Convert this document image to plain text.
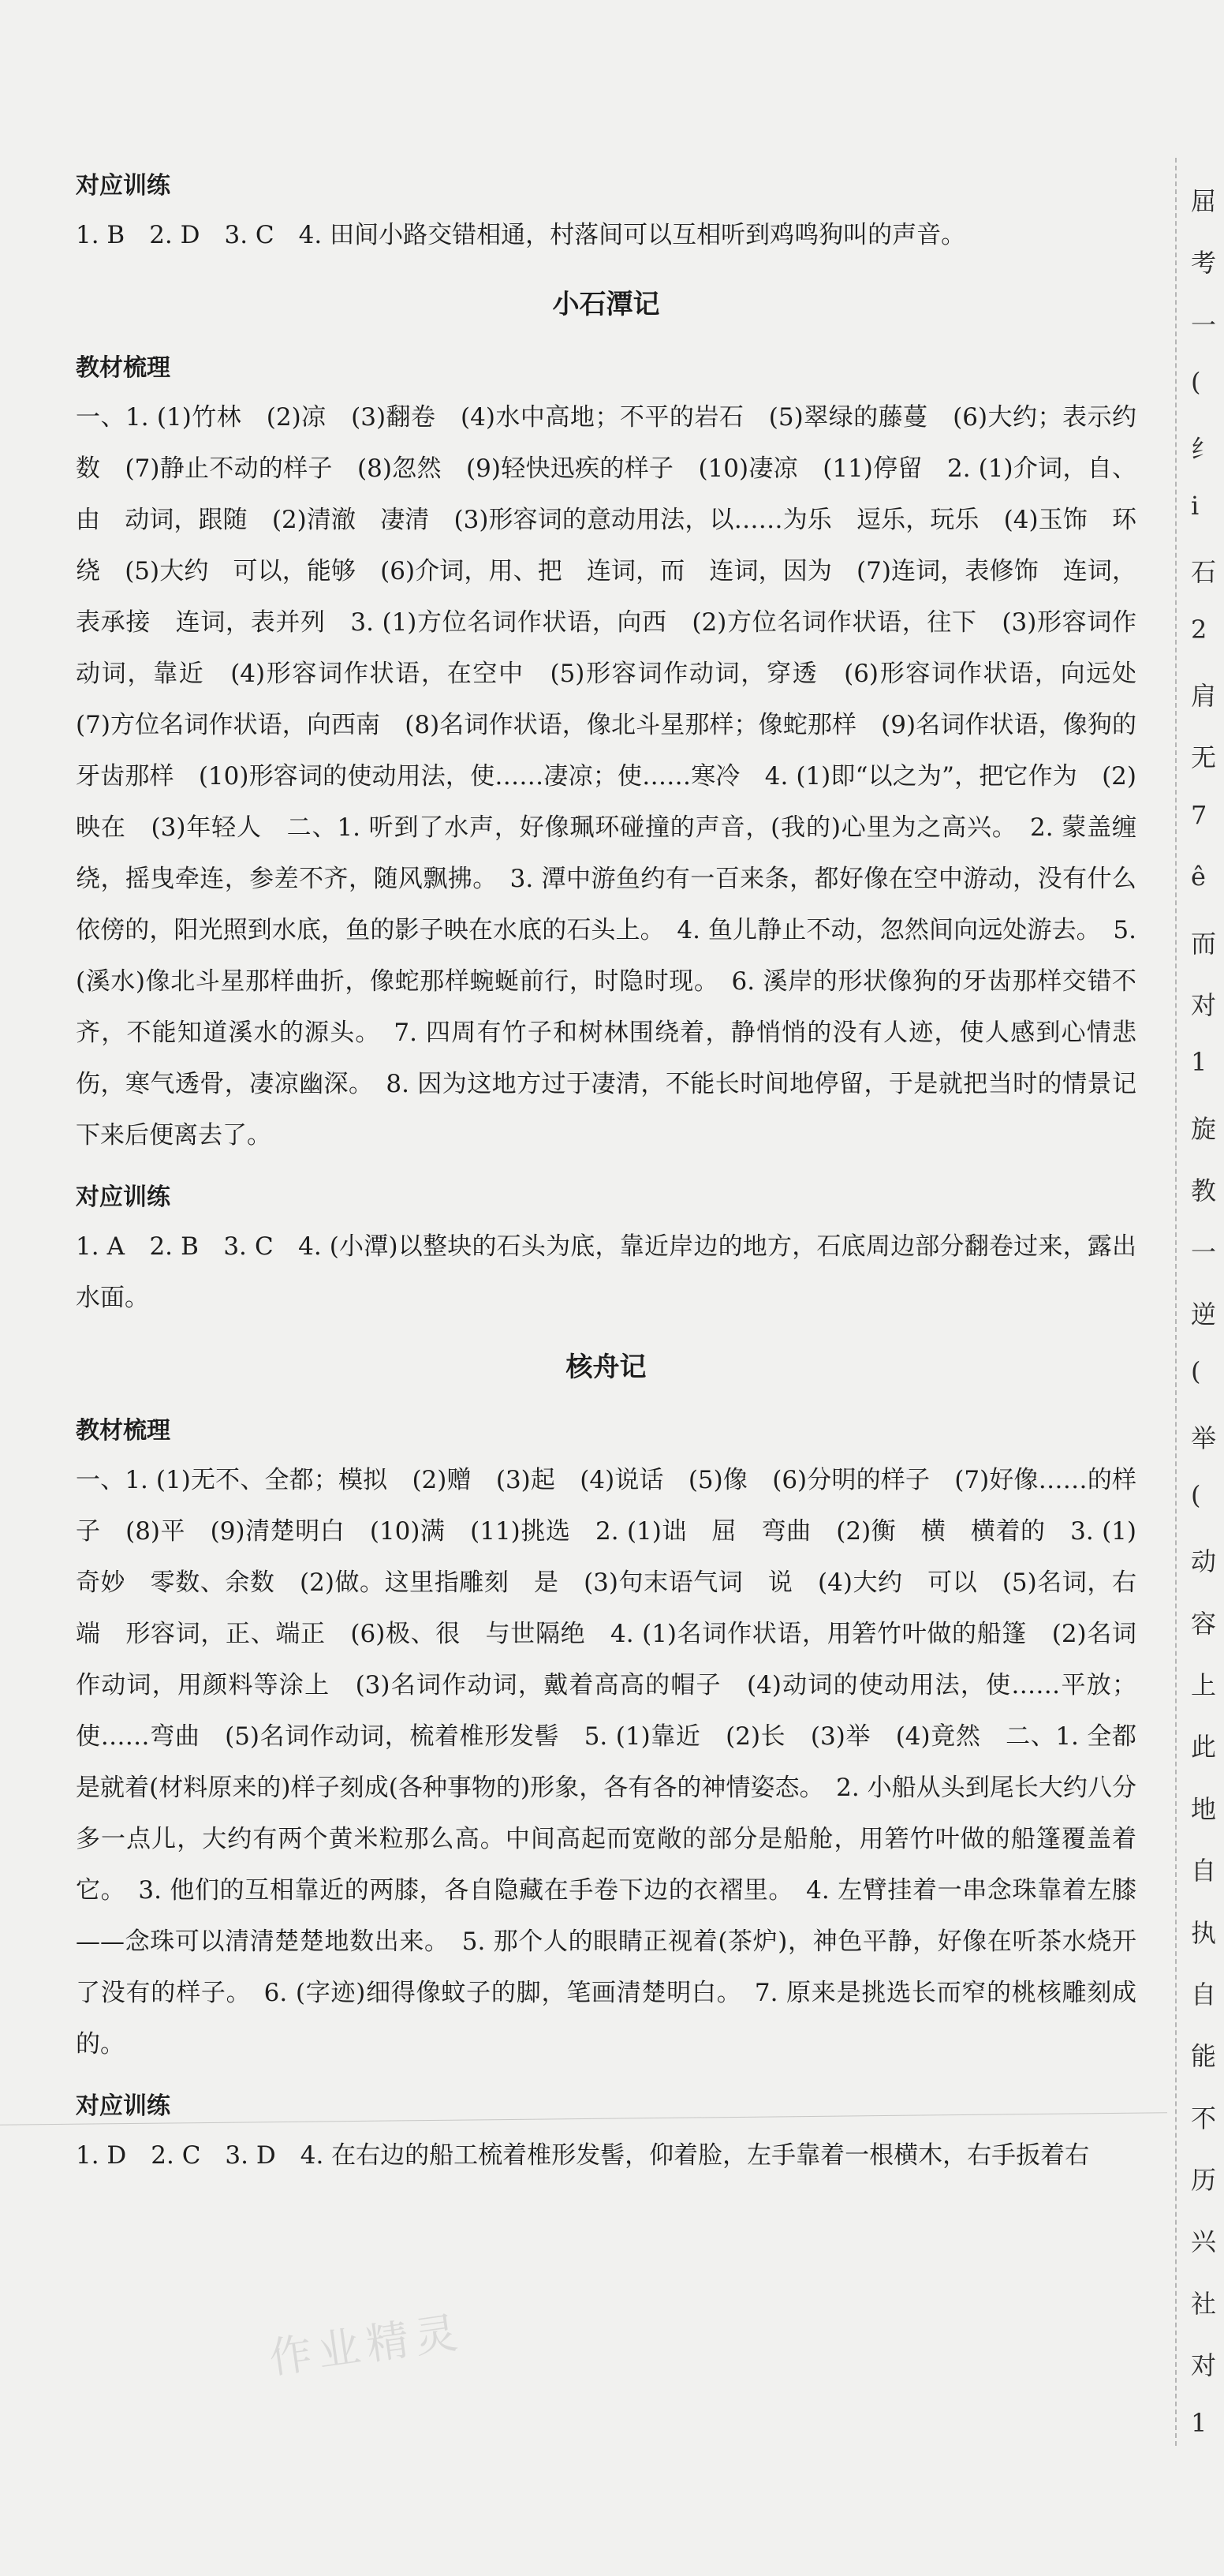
对应训练

1. B　2. D　3. C　4. 田间小路交错相通，村落间可以互相听到鸡鸣狗叫的声音。

小石潭记
教材梳理

一、1. (1)竹林　(2)凉　(3)翻卷　(4)水中高地；不平的岩石　(5)翠绿的藤蔓　(6)大约；表示约数　(7)静止不动的样子　(8)忽然　(9)轻快迅疾的样子　(10)凄凉　(11)停留　2. (1)介词，自、由　动词，跟随　(2)清澈　凄清　(3)形容词的意动用法，以……为乐　逗乐，玩乐　(4)玉饰　环绕　(5)大约　可以，能够　(6)介词，用、把　连词，而　连词，因为　(7)连词，表修饰　连词，表承接　连词，表并列　3. (1)方位名词作状语，向西　(2)方位名词作状语，往下　(3)形容词作动词，靠近　(4)形容词作状语，在空中　(5)形容词作动词，穿透　(6)形容词作状语，向远处　(7)方位名词作状语，向西南　(8)名词作状语，像北斗星那样；像蛇那样　(9)名词作状语，像狗的牙齿那样　(10)形容词的使动用法，使……凄凉；使……寒冷　4. (1)即“以之为”，把它作为　(2)映在　(3)年轻人　二、1. 听到了水声，好像珮环碰撞的声音，(我的)心里为之高兴。　2. 蒙盖缠绕，摇曳牵连，参差不齐，随风飘拂。　3. 潭中游鱼约有一百来条，都好像在空中游动，没有什么依傍的，阳光照到水底，鱼的影子映在水底的石头上。　4. 鱼儿静止不动，忽然间向远处游去。　5. (溪水)像北斗星那样曲折，像蛇那样蜿蜒前行，时隐时现。　6. 溪岸的形状像狗的牙齿那样交错不齐，不能知道溪水的源头。　7. 四周有竹子和树林围绕着，静悄悄的没有人迹，使人感到心情悲伤，寒气透骨，凄凉幽深。　8. 因为这地方过于凄清，不能长时间地停留，于是就把当时的情景记下来后便离去了。

对应训练

1. A　2. B　3. C　4. (小潭)以整块的石头为底，靠近岸边的地方，石底周边部分翻卷过来，露出水面。

核舟记
教材梳理

一、1. (1)无不、全都；模拟　(2)赠　(3)起　(4)说话　(5)像　(6)分明的样子　(7)好像……的样子　(8)平　(9)清楚明白　(10)满　(11)挑选　2. (1)诎　屈　弯曲　(2)衡　横　横着的　3. (1)奇妙　零数、余数　(2)做。这里指雕刻　是　(3)句末语气词　说　(4)大约　可以　(5)名词，右端　形容词，正、端正　(6)极、很　与世隔绝　4. (1)名词作状语，用箬竹叶做的船篷　(2)名词作动词，用颜料等涂上　(3)名词作动词，戴着高高的帽子　(4)动词的使动用法，使……平放；使……弯曲　(5)名词作动词，梳着椎形发髻　5. (1)靠近　(2)长　(3)举　(4)竟然　二、1. 全都是就着(材料原来的)样子刻成(各种事物的)形象，各有各的神情姿态。　2. 小船从头到尾长大约八分多一点儿，大约有两个黄米粒那么高。中间高起而宽敞的部分是船舱，用箬竹叶做的船篷覆盖着它。　3. 他们的互相靠近的两膝，各自隐藏在手卷下边的衣褶里。　4. 左臂挂着一串念珠靠着左膝——念珠可以清清楚楚地数出来。　5. 那个人的眼睛正视着(茶炉)，神色平静，好像在听茶水烧开了没有的样子。　6. (字迹)细得像蚊子的脚，笔画清楚明白。　7. 原来是挑选长而窄的桃核雕刻成的。

对应训练

1. D　2. C　3. D　4. 在右边的船工梳着椎形发髻，仰着脸，左手靠着一根横木，右手扳着右

作业精灵
屈
考
一
(
纟
i
石
2
肩
无
7
ê
而
对
1
旋
教
一
逆
(
举
(
动
容
上
此
地
自
执
自
能
不
历
兴
社
对
1
